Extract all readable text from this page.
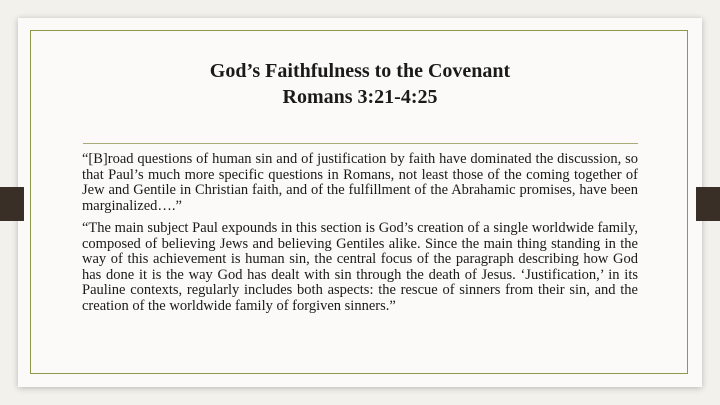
God’s Faithfulness to the Covenant
Romans 3:21-4:25

“[B]road questions of human sin and of justification by faith have dominated the discussion, so that Paul’s much more specific questions in Romans, not least those of the coming together of Jew and Gentile in Christian faith, and of the fulfillment of the Abrahamic promises, have been marginalized….”

“The main subject Paul expounds in this section is God’s creation of a single worldwide family, composed of believing Jews and believing Gentiles alike. Since the main thing standing in the way of this achievement is human sin, the central focus of the paragraph describing how God has done it is the way God has dealt with sin through the death of Jesus. ‘Justification,’ in its Pauline contexts, regularly includes both aspects: the rescue of sinners from their sin, and the creation of the worldwide family of forgiven sinners.”
